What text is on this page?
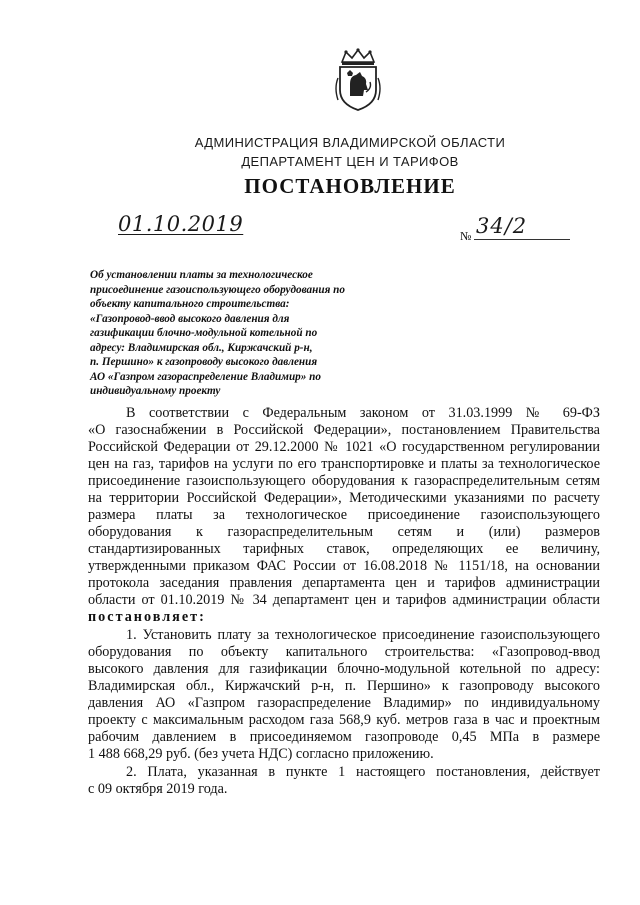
АДМИНИСТРАЦИЯ ВЛАДИМИРСКОЙ ОБЛАСТИ
ДЕПАРТАМЕНТ ЦЕН И ТАРИФОВ
ПОСТАНОВЛЕНИЕ
01.10.2019	№ 34/2
Об установлении платы за технологическое
присоединение газоиспользующего оборудования по
объекту капитального строительства:
«Газопровод-ввод высокого давления для
газификации блочно-модульной котельной по
адресу: Владимирская обл., Киржачский р-н,
п. Першино» к газопроводу высокого давления
АО «Газпром газораспределение Владимир» по
индивидуальному проекту
В соответствии с Федеральным законом от 31.03.1999 № 69-ФЗ
«О газоснабжении в Российской Федерации», постановлением Правительства
Российской Федерации от 29.12.2000 № 1021 «О государственном регулировании
цен на газ, тарифов на услуги по его транспортировке и платы за технологическое
присоединение газоиспользующего оборудования к газораспределительным сетям
на территории Российской Федерации», Методическими указаниями по расчету
размера платы за технологическое присоединение газоиспользующего
оборудования к газораспределительным сетям и (или) размеров
стандартизированных тарифных ставок, определяющих ее величину,
утвержденными приказом ФАС России от 16.08.2018 № 1151/18, на основании
протокола заседания правления департамента цен и тарифов администрации
области от 01.10.2019 № 34 департамент цен и тарифов администрации области
постановляет:
1. Установить плату за технологическое присоединение газоиспользующего
оборудования по объекту капитального строительства: «Газопровод-ввод
высокого давления для газификации блочно-модульной котельной по адресу:
Владимирская обл., Киржачский р-н, п. Першино» к газопроводу высокого
давления АО «Газпром газораспределение Владимир» по индивидуальному
проекту с максимальным расходом газа 568,9 куб. метров газа в час и проектным
рабочим давлением в присоединяемом газопроводе 0,45 МПа в размере
1 488 668,29 руб. (без учета НДС) согласно приложению.
2. Плата, указанная в пункте 1 настоящего постановления, действует
с 09 октября 2019 года.
